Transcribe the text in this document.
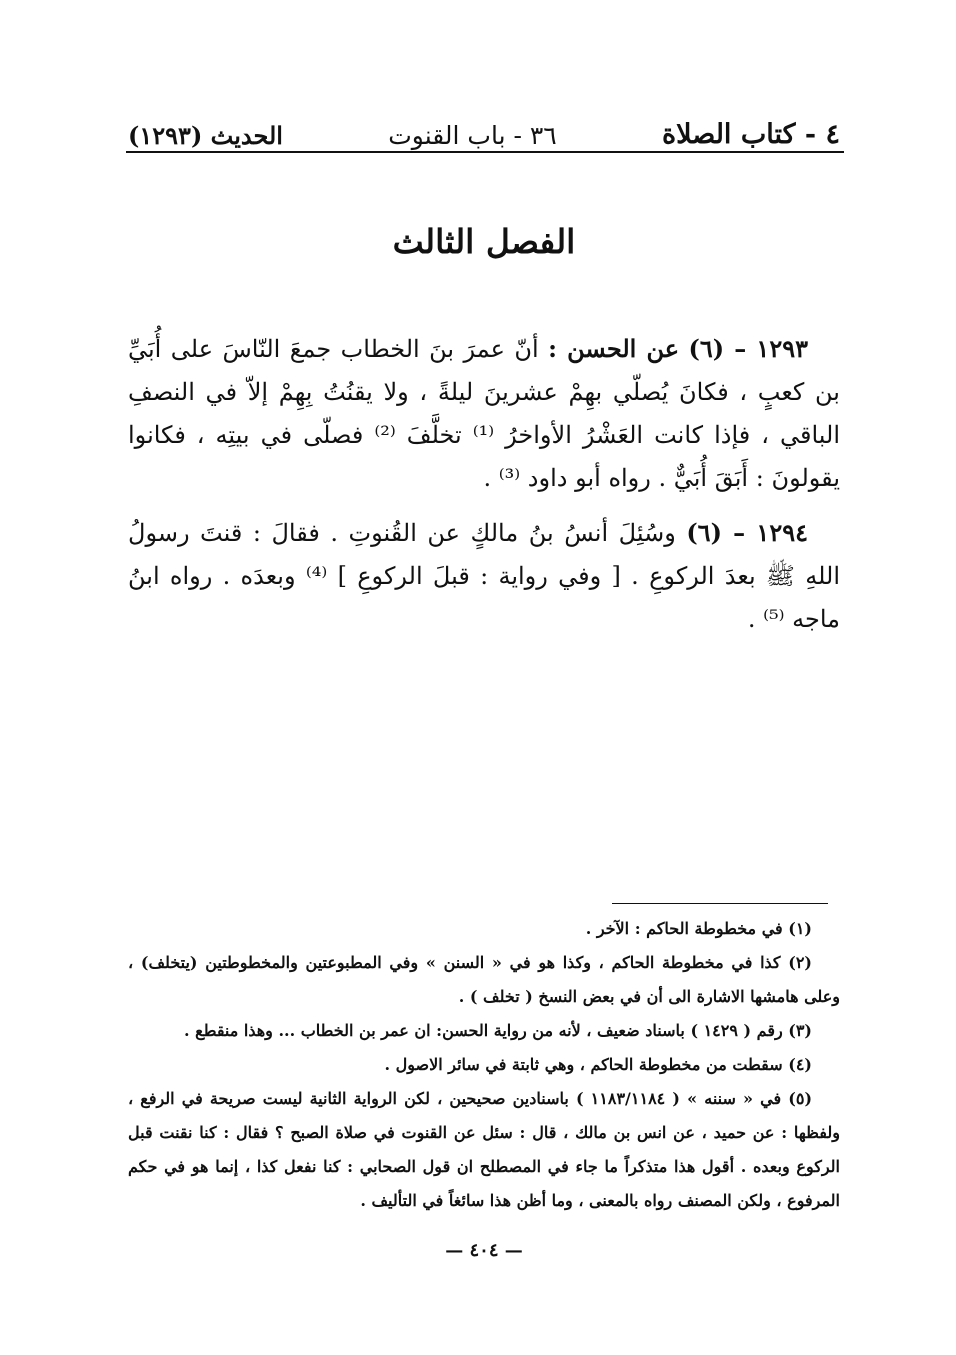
٤ - كتاب الصلاة
٣٦ - باب القنوت
الحديث (١٢٩٣)
الفصل الثالث

١٢٩٣ – (٦) عن الحسن : أنّ عمرَ بنَ الخطاب جمعَ النّاسَ على أُبَيِّ بن كعبٍ ، فكانَ يُصلّي بهِمْ عشرينَ ليلةً ، ولا يقنُتُ بِهِمْ إلاّ في النصفِ الباقي ، فإذا كانت العَشْرُ الأواخرُ ⁽¹⁾ تخلَّفَ ⁽²⁾ فصلّى في بيتِه ، فكانوا يقولونَ : أَبَقَ أُبَيٌّ . رواه أبو داود ⁽³⁾ .

١٢٩٤ – (٦) وسُئِلَ أنسُ بنُ مالكٍ عن القُنوتِ . فقالَ : قنتَ رسولُ اللهِ ﷺ بعدَ الركوعِ . [ وفي رواية : قبلَ الركوعِ ] ⁽⁴⁾ وبعدَه . رواه ابنُ ماجه ⁽⁵⁾ .

(١) في مخطوطة الحاكم : الآخر .

(٢) كذا في مخطوطة الحاكم ، وكذا هو في « السنن » وفي المطبوعتين والمخطوطتين (يتخلف) ، وعلى هامشها الاشارة الى أن في بعض النسخ ( تخلف ) .

(٣) رقم ( ١٤٢٩ ) باسناد ضعيف ، لأنه من رواية الحسن: ان عمر بن الخطاب ... وهذا منقطع .

(٤) سقطت من مخطوطة الحاكم ، وهي ثابتة في سائر الاصول .

(٥) في « سننه » ( ١١٨٣/١١٨٤ ) باسنادين صحيحين ، لكن الرواية الثانية ليست صريحة في الرفع ، ولفظها : عن حميد ، عن انس بن مالك ، قال : سئل عن القنوت في صلاة الصبح ؟ فقال : كنا نقنت قبل الركوع وبعده . أقول هذا متذكراً ما جاء في المصطلح ان قول الصحابي : كنا نفعل كذا ، إنما هو في حكم المرفوع ، ولكن المصنف رواه بالمعنى ، وما أظن هذا سائغاً في التأليف .

— ٤٠٤ —
